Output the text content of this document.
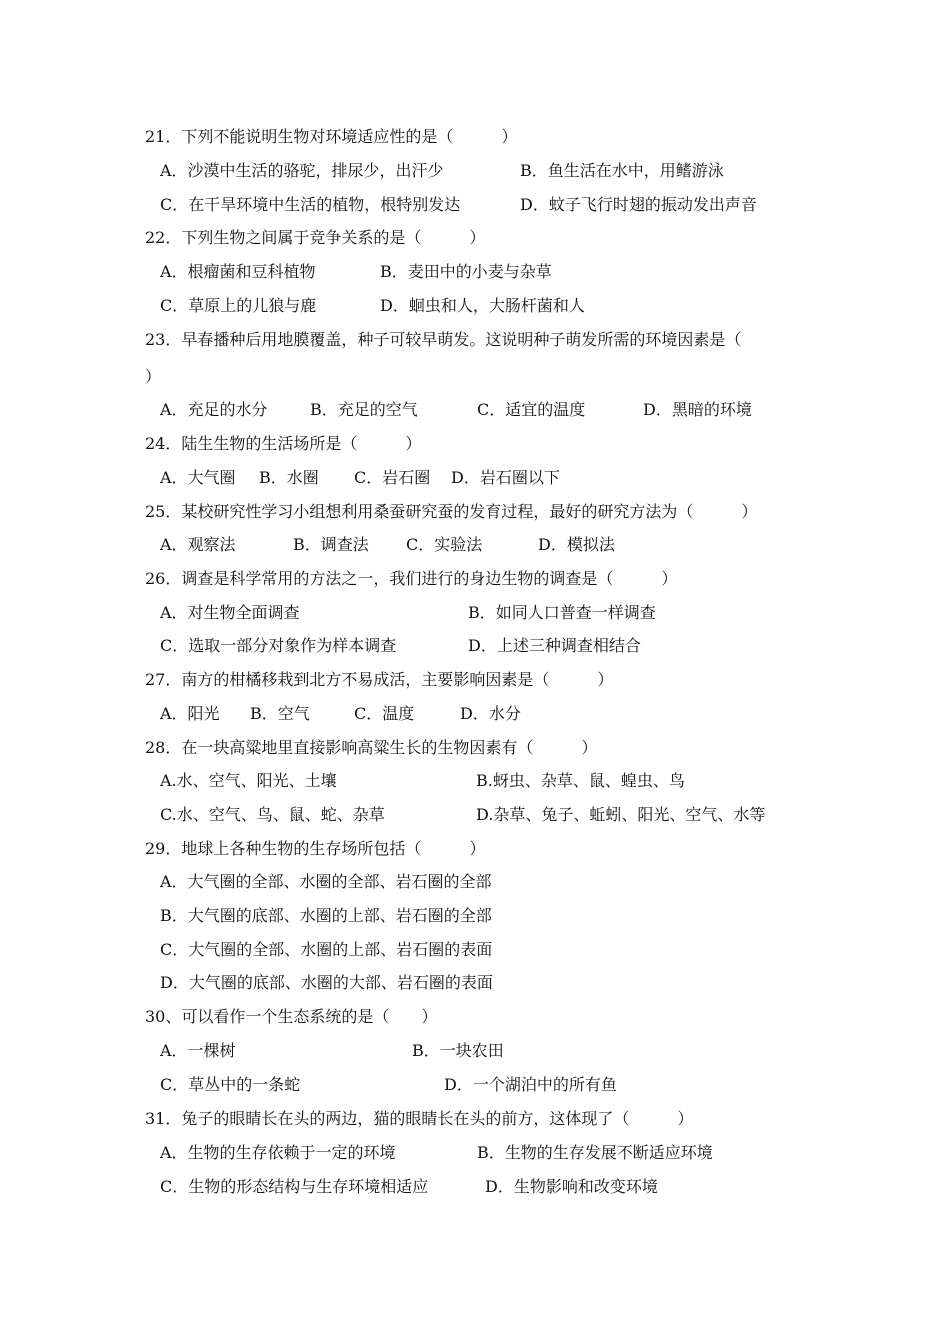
21．下列不能说明生物对环境适应性的是（　　　）
A．沙漠中生活的骆驼，排尿少，出汗少	B．鱼生活在水中，用鳍游泳
C．在干旱环境中生活的植物，根特别发达	D．蚊子飞行时翅的振动发出声音
22．下列生物之间属于竞争关系的是（　　　）
A．根瘤菌和豆科植物	B．麦田中的小麦与杂草
C．草原上的儿狼与鹿	D．蛔虫和人，大肠杆菌和人
23．早春播种后用地膜覆盖，种子可较早萌发。这说明种子萌发所需的环境因素是（
）
A．充足的水分	B．充足的空气	C．适宜的温度	D．黑暗的环境
24．陆生生物的生活场所是（　　　）
A．大气圈 B．水圈 C．岩石圈 D．岩石圈以下
25．某校研究性学习小组想利用桑蚕研究蚕的发育过程，最好的研究方法为（　　　）
A．观察法	B．调查法 C．实验法	D．模拟法
26．调查是科学常用的方法之一，我们进行的身边生物的调查是（　　　）
A．对生物全面调查	B．如同人口普查一样调查
C．选取一部分对象作为样本调查	D．上述三种调查相结合
27．南方的柑橘移栽到北方不易成活，主要影响因素是（　　　）
A．阳光 B．空气	C．温度	D．水分
28．在一块高粱地里直接影响高粱生长的生物因素有（　　　）
A.水、空气、阳光、土壤	B.蚜虫、杂草、鼠、蝗虫、鸟
C.水、空气、鸟、鼠、蛇、杂草	D.杂草、兔子、蚯蚓、阳光、空气、水等
29．地球上各种生物的生存场所包括（　　　）
A．大气圈的全部、水圈的全部、岩石圈的全部
B．大气圈的底部、水圈的上部、岩石圈的全部
C．大气圈的全部、水圈的上部、岩石圈的表面
D．大气圈的底部、水圈的大部、岩石圈的表面
30、可以看作一个生态系统的是（　　）
A．一棵树	B．一块农田
C．草丛中的一条蛇	D．一个湖泊中的所有鱼
31．兔子的眼睛长在头的两边，猫的眼睛长在头的前方，这体现了（　　　）
A．生物的生存依赖于一定的环境	B．生物的生存发展不断适应环境
C．生物的形态结构与生存环境相适应	D．生物影响和改变环境
